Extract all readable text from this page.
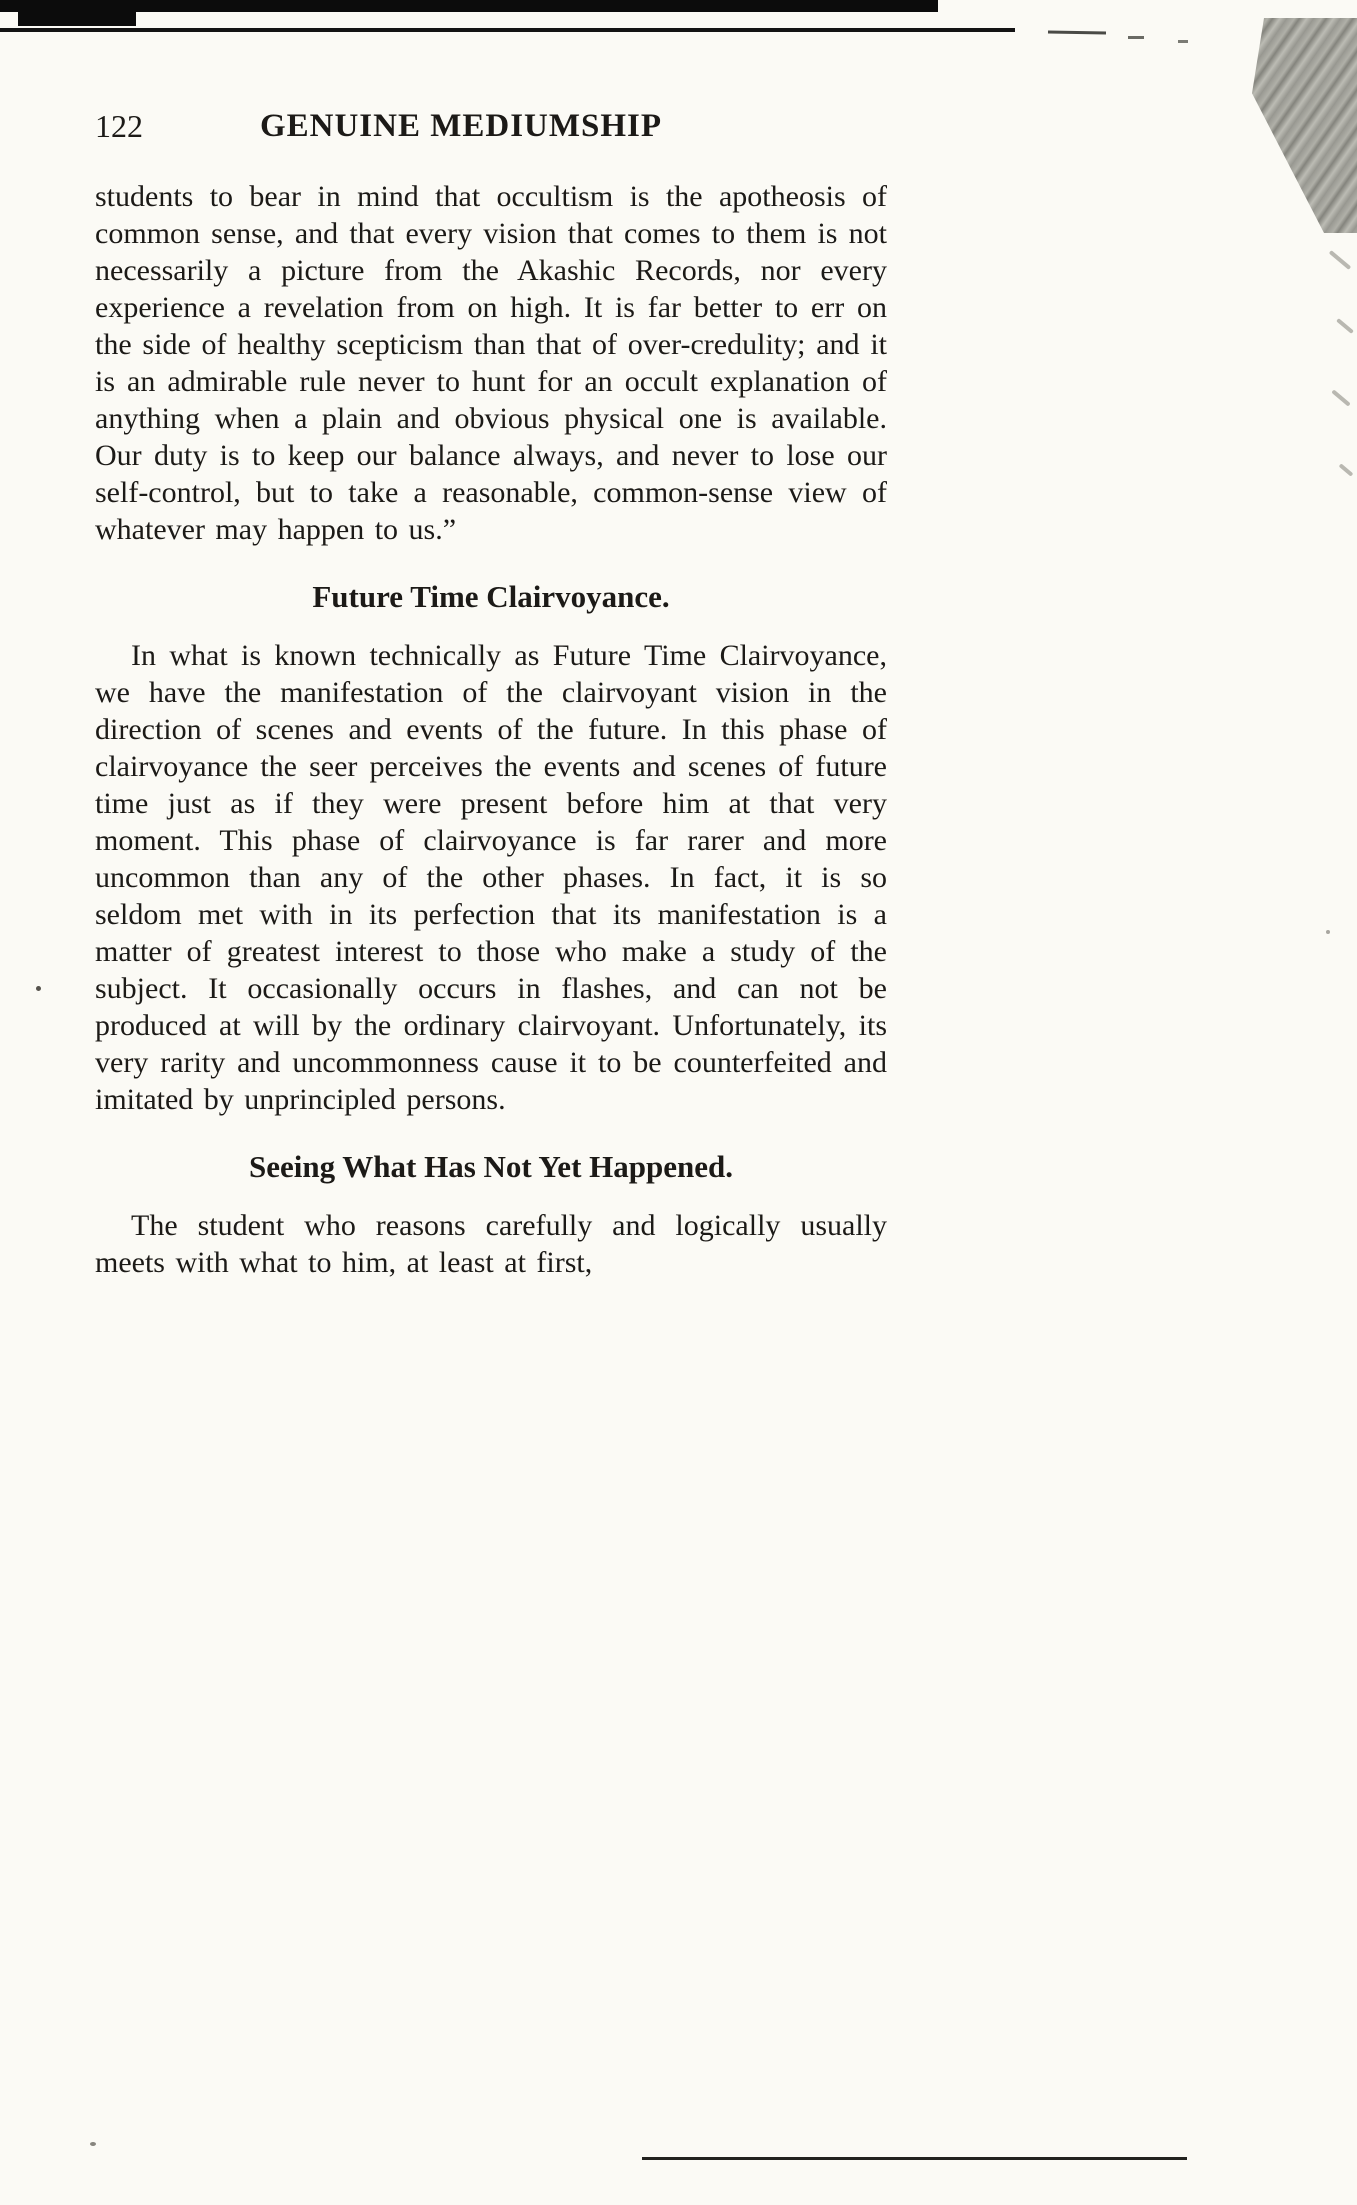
122	GENUINE MEDIUMSHIP

students to bear in mind that occultism is the apotheosis of common sense, and that every vision that comes to them is not necessarily a picture from the Akashic Records, nor every experience a revelation from on high. It is far better to err on the side of healthy scepticism than that of over-credulity; and it is an admirable rule never to hunt for an occult explanation of anything when a plain and obvious physical one is available. Our duty is to keep our balance always, and never to lose our self-control, but to take a reasonable, common-sense view of whatever may happen to us.”

Future Time Clairvoyance.

In what is known technically as Future Time Clairvoyance, we have the manifestation of the clairvoyant vision in the direction of scenes and events of the future. In this phase of clairvoyance the seer perceives the events and scenes of future time just as if they were present before him at that very moment. This phase of clairvoyance is far rarer and more uncommon than any of the other phases. In fact, it is so seldom met with in its perfection that its manifestation is a matter of greatest interest to those who make a study of the subject. It occasionally occurs in flashes, and can not be produced at will by the ordinary clairvoyant. Unfortunately, its very rarity and uncommonness cause it to be counterfeited and imitated by unprincipled persons.

Seeing What Has Not Yet Happened.

The student who reasons carefully and logically usually meets with what to him, at least at first,
